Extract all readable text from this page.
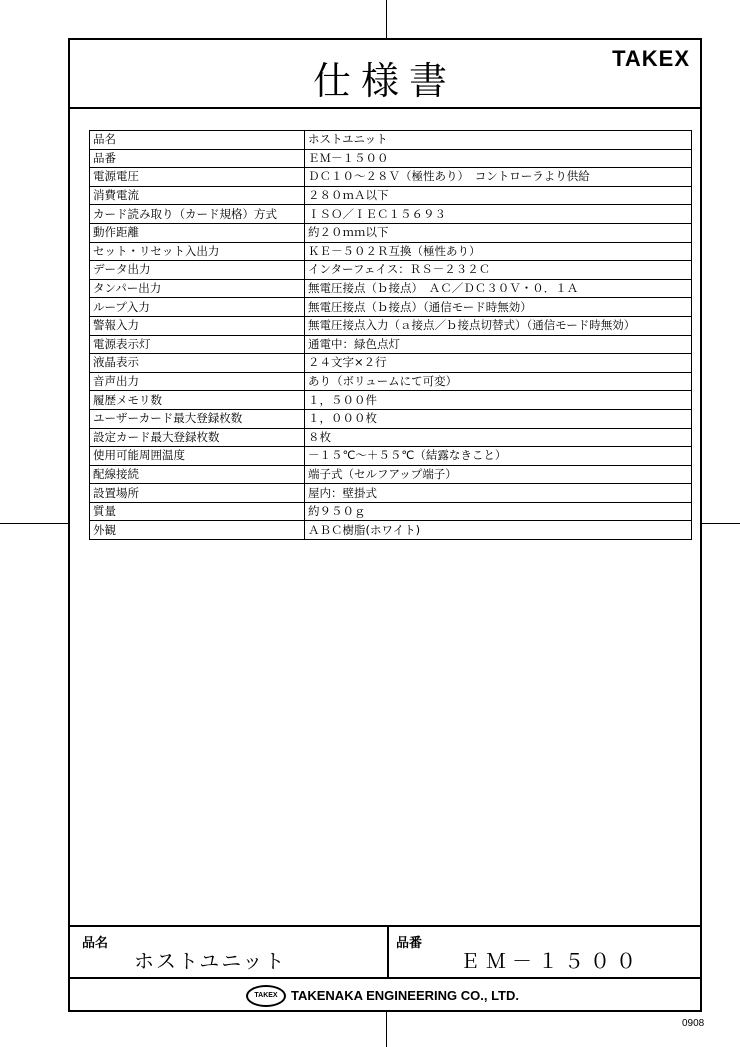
仕様書
TAKEX
品名	ホストユニット
品番	ＥＭ－１５００
電源電圧	ＤＣ１０～２８Ｖ（極性あり）　コントローラより供給
消費電流	２８０ｍＡ以下
カード読み取り（カード規格）方式	ＩＳＯ／ＩＥＣ１５６９３
動作距離	約２０ｍｍ以下
セット・リセット入出力	ＫＥ－５０２Ｒ互換（極性あり）
データ出力	インターフェイス：ＲＳ－２３２Ｃ
タンパー出力	無電圧接点（ｂ接点）　ＡＣ／ＤＣ３０Ｖ・０．１Ａ
ループ入力	無電圧接点（ｂ接点）（通信モード時無効）
警報入力	無電圧接点入力（ａ接点／ｂ接点切替式）（通信モード時無効）
電源表示灯	通電中：緑色点灯
液晶表示	２４文字×２行
音声出力	あり（ボリュームにて可変）
履歴メモリ数	１，５００件
ユーザーカード最大登録枚数	１，０００枚
設定カード最大登録枚数	８枚
使用可能周囲温度	－１５℃～＋５５℃（結露なきこと）
配線接続	端子式（セルフアップ端子）
設置場所	屋内：壁掛式
質量	約９５０ｇ
外観	ＡＢＣ樹脂(ホワイト)
品名
ホストユニット
品番
ＥＭ－１５００
TAKEX	TAKENAKA ENGINEERING CO., LTD.
0908
